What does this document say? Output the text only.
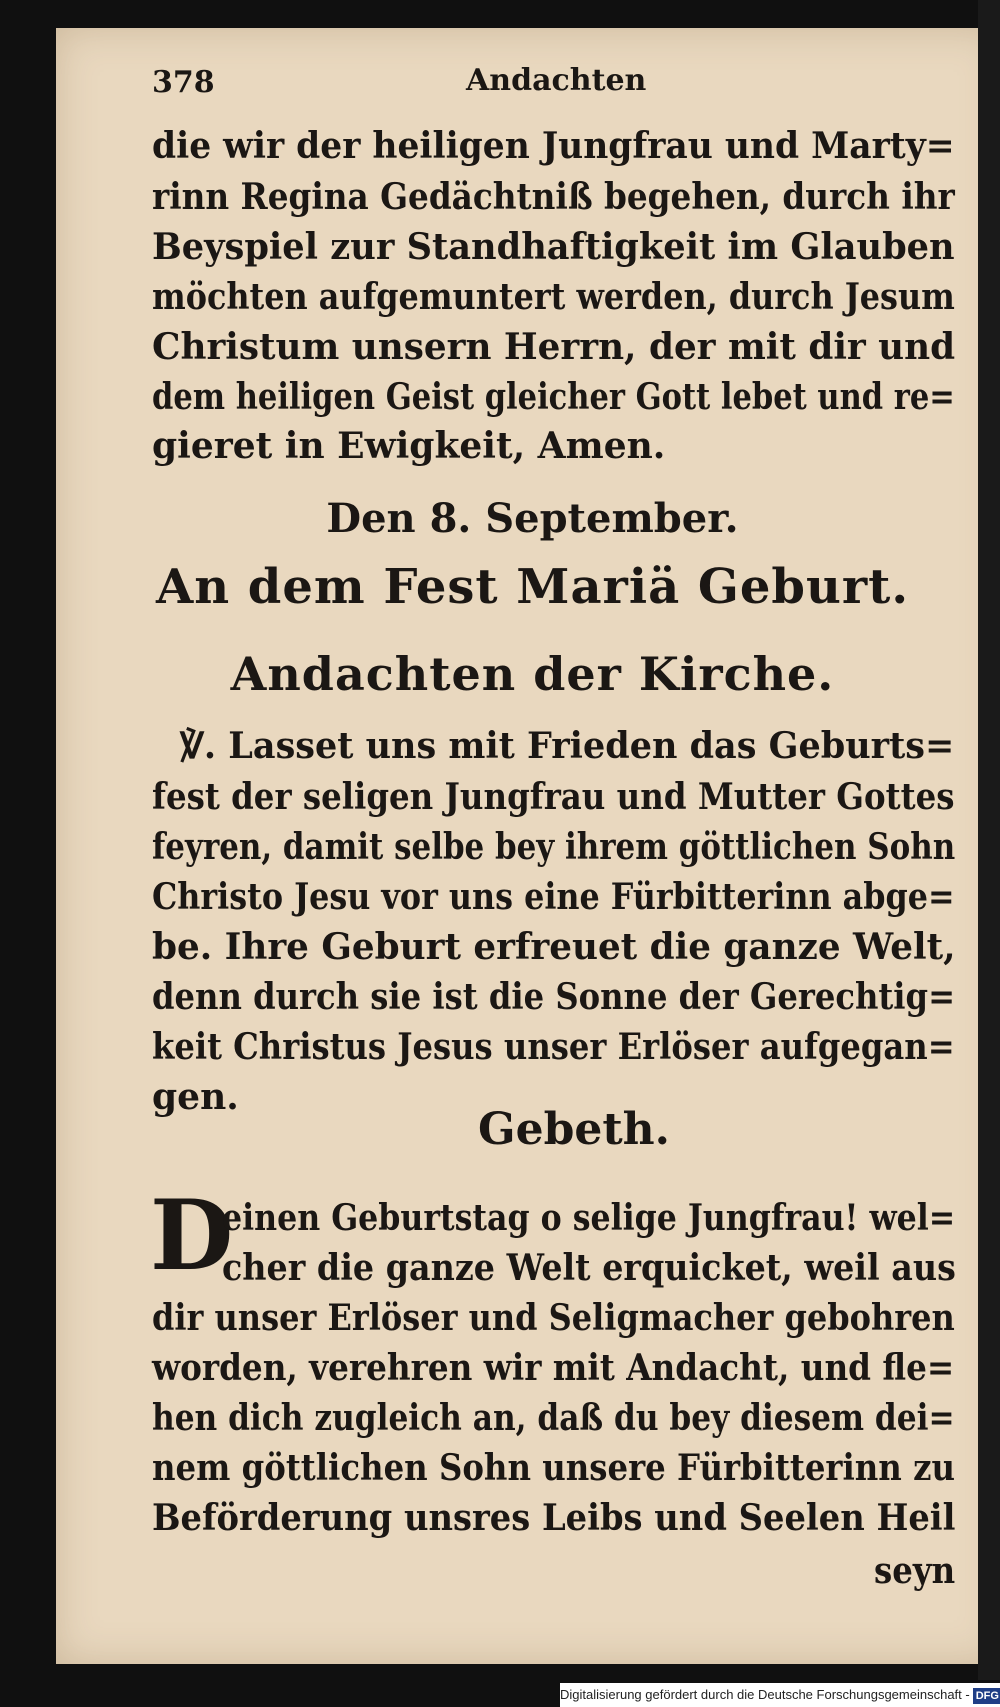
378	Andachten
die wir der heiligen Jungfrau und Marty=
rinn Regina Gedächtniß begehen, durch ihr
Beyspiel zur Standhaftigkeit im Glauben
möchten aufgemuntert werden, durch Jesum
Christum unsern Herrn, der mit dir und
dem heiligen Geist gleicher Gott lebet und re=
gieret in Ewigkeit, Amen.
Den 8. September.
An dem Fest Mariä Geburt.
Andachten der Kirche.
℣. Lasset uns mit Frieden das Geburts=
fest der seligen Jungfrau und Mutter Gottes
feyren, damit selbe bey ihrem göttlichen Sohn
Christo Jesu vor uns eine Fürbitterinn abge=
be. Ihre Geburt erfreuet die ganze Welt,
denn durch sie ist die Sonne der Gerechtig=
keit Christus Jesus unser Erlöser aufgegan=
gen.
Gebeth.
D
einen Geburtstag o selige Jungfrau! wel=
cher die ganze Welt erquicket, weil aus
dir unser Erlöser und Seligmacher gebohren
worden, verehren wir mit Andacht, und fle=
hen dich zugleich an, daß du bey diesem dei=
nem göttlichen Sohn unsere Fürbitterinn zu
Beförderung unsres Leibs und Seelen Heil
seyn
Digitalisierung gefördert durch die Deutsche Forschungsgemeinschaft - DFG
